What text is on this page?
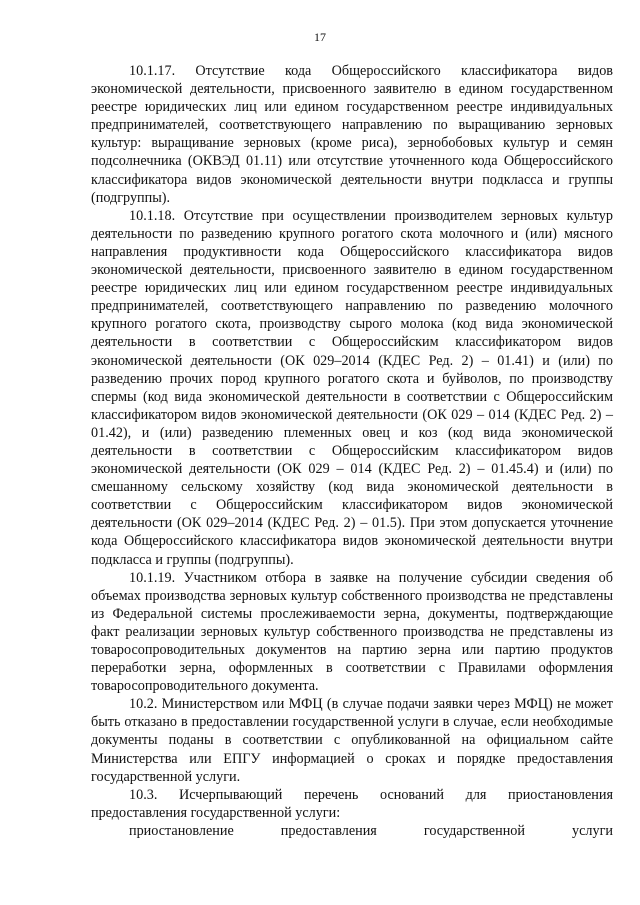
17

10.1.17. Отсутствие кода Общероссийского классификатора видов экономической деятельности, присвоенного заявителю в едином государственном реестре юридических лиц или едином государственном реестре индивидуальных предпринимателей, соответствующего направлению по выращиванию зерновых культур: выращивание зерновых (кроме риса), зернобобовых культур и семян подсолнечника (ОКВЭД 01.11) или отсутствие уточненного кода Общероссийского классификатора видов экономической деятельности внутри подкласса и группы (подгруппы).

10.1.18. Отсутствие при осуществлении производителем зерновых культур деятельности по разведению крупного рогатого скота молочного и (или) мясного направления продуктивности кода Общероссийского классификатора видов экономической деятельности, присвоенного заявителю в едином государственном реестре юридических лиц или едином государственном реестре индивидуальных предпринимателей, соответствующего направлению по разведению молочного крупного рогатого скота, производству сырого молока (код вида экономической деятельности в соответствии с Общероссийским классификатором видов экономической деятельности (ОК 029–2014 (КДЕС Ред. 2) – 01.41) и (или) по разведению прочих пород крупного рогатого скота и буйволов, по производству спермы (код вида экономической деятельности в соответствии с Общероссийским классификатором видов экономической деятельности (ОК 029 – 014 (КДЕС Ред. 2) – 01.42), и (или) разведению племенных овец и коз (код вида экономической деятельности в соответствии с Общероссийским классификатором видов экономической деятельности (ОК 029 – 014 (КДЕС Ред. 2) – 01.45.4) и (или) по смешанному сельскому хозяйству (код вида экономической деятельности в соответствии с Общероссийским классификатором видов экономической деятельности (ОК 029–2014 (КДЕС Ред. 2) – 01.5). При этом допускается уточнение кода Общероссийского классификатора видов экономической деятельности внутри подкласса и группы (подгруппы).

10.1.19. Участником отбора в заявке на получение субсидии сведения об объемах производства зерновых культур собственного производства не представлены из Федеральной системы прослеживаемости зерна, документы, подтверждающие факт реализации зерновых культур собственного производства не представлены из товаросопроводительных документов на партию зерна или партию продуктов переработки зерна, оформленных в соответствии с Правилами оформления товаросопроводительного документа.

10.2. Министерством или МФЦ (в случае подачи заявки через МФЦ) не может быть отказано в предоставлении государственной услуги в случае, если необходимые документы поданы в соответствии с опубликованной на официальном сайте Министерства или ЕПГУ информацией о сроках и порядке предоставления государственной услуги.

10.3. Исчерпывающий перечень оснований для приостановления предоставления государственной услуги:

приостановление предоставления государственной услуги
